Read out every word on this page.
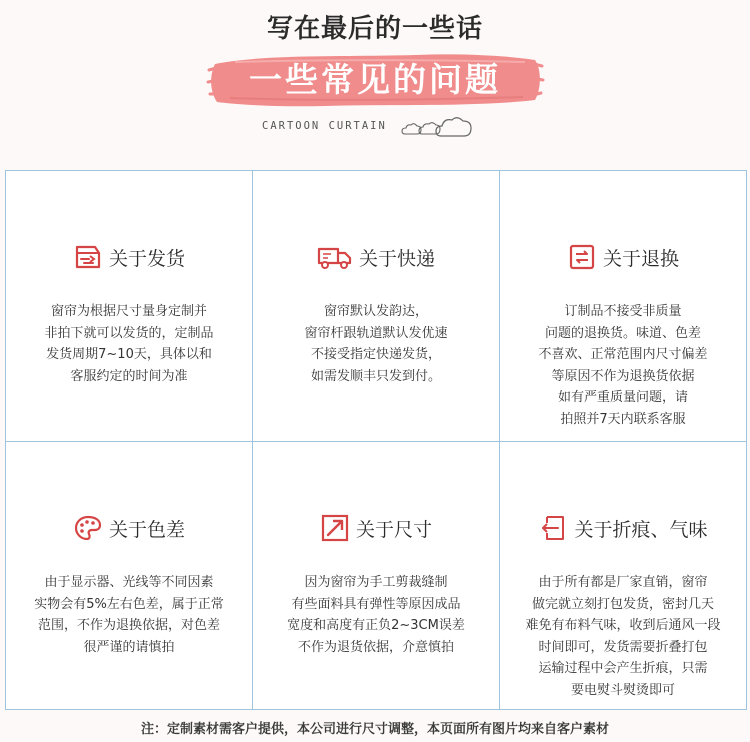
写在最后的一些话
一些常见的问题
CARTOON CURTAIN
关于发货
窗帘为根据尺寸量身定制并
非拍下就可以发货的，定制品
发货周期7~10天，具体以和
客服约定的时间为准
关于快递
窗帘默认发韵达，
窗帘杆跟轨道默认发优速
不接受指定快递发货，
如需发顺丰只发到付。
关于退换
订制品不接受非质量
问题的退换货。味道、色差
不喜欢、正常范围内尺寸偏差
等原因不作为退换货依据
如有严重质量问题，请
拍照并7天内联系客服
关于色差
由于显示器、光线等不同因素
实物会有5%左右色差，属于正常
范围，不作为退换依据，对色差
很严谨的请慎拍
关于尺寸
因为窗帘为手工剪裁缝制
有些面料具有弹性等原因成品
宽度和高度有正负2~3CM误差
不作为退货依据，介意慎拍
关于折痕、气味
由于所有都是厂家直销，窗帘
做完就立刻打包发货，密封几天
难免有布料气味，收到后通风一段
时间即可，发货需要折叠打包
运输过程中会产生折痕，只需
要电熨斗熨烫即可
注：定制素材需客户提供，本公司进行尺寸调整，本页面所有图片均来自客户素材
